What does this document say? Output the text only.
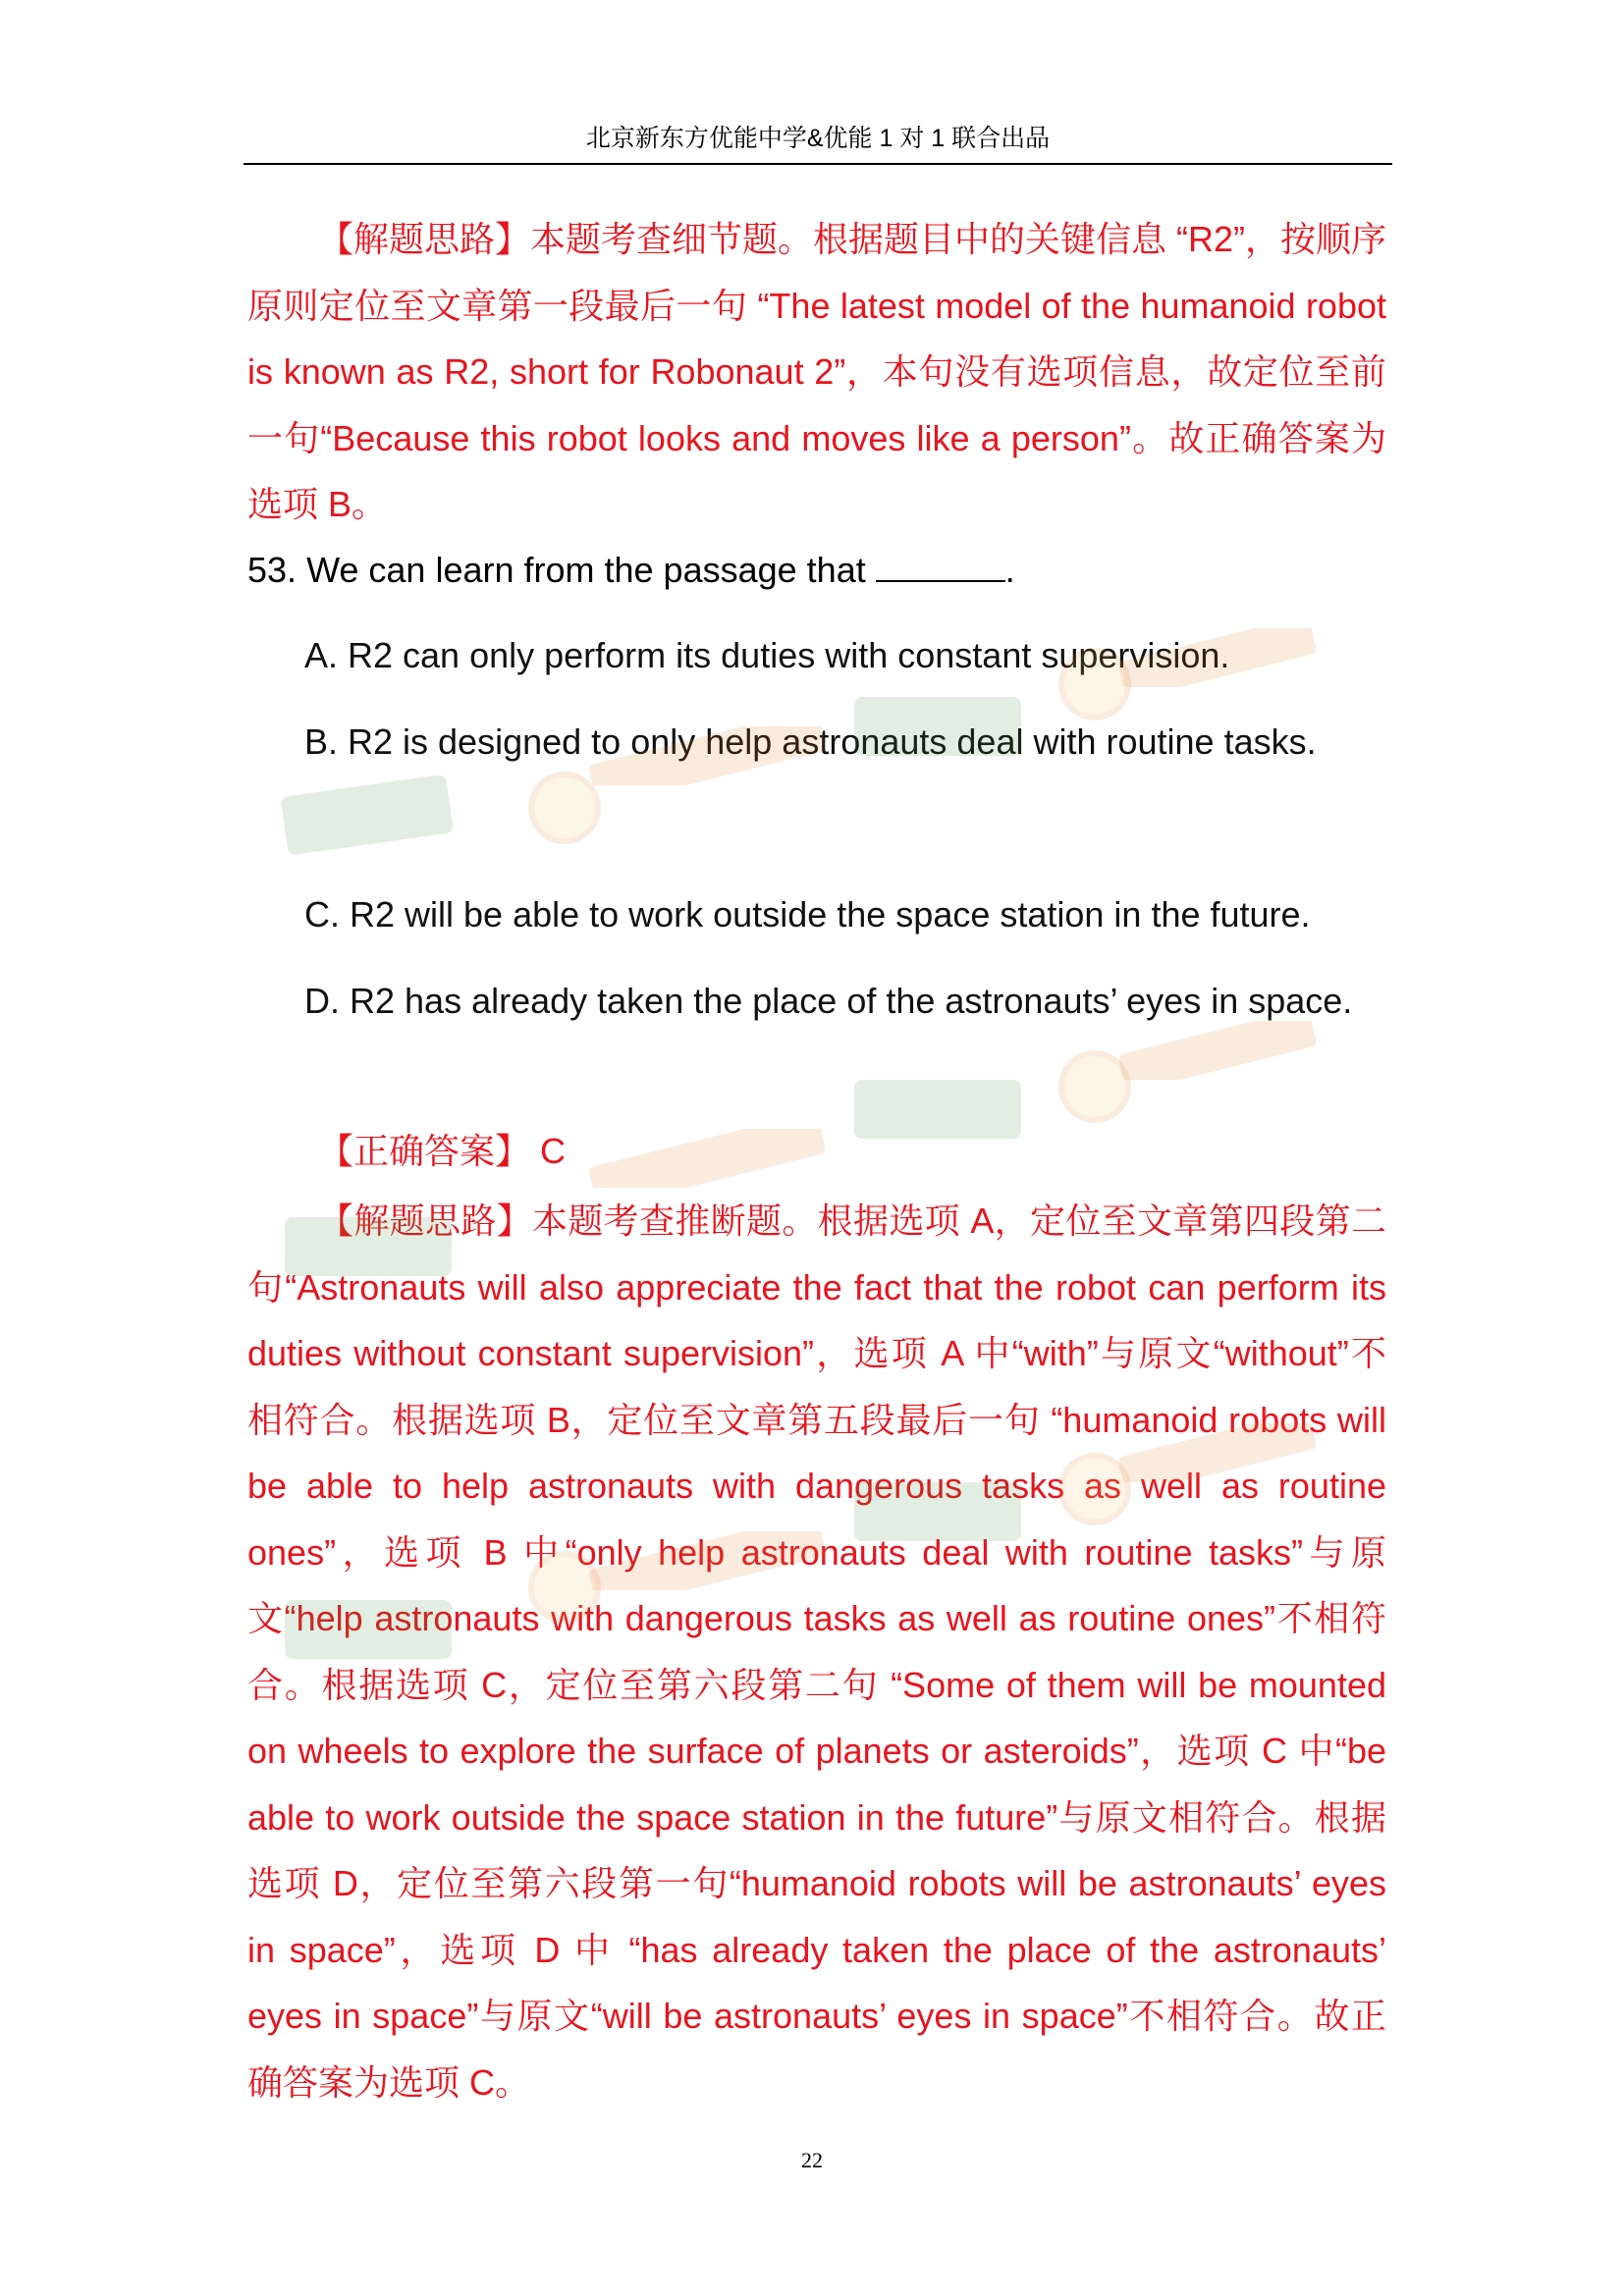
北京新东方优能中学&优能 1 对 1 联合出品

【解题思路】本题考查细节题。根据题目中的关键信息 “R2”，按顺序原则定位至文章第一段最后一句 “The latest model of the humanoid robot is known as R2, short for Robonaut 2”，本句没有选项信息，故定位至前一句“Because this robot looks and moves like a person”。故正确答案为选项 B。

53. We can learn from the passage that	.
A. R2 can only perform its duties with constant supervision.
B. R2 is designed to only help astronauts deal with routine tasks.
C. R2 will be able to work outside the space station in the future.
D. R2 has already taken the place of the astronauts’ eyes in space.
【正确答案】 C

【解题思路】本题考查推断题。根据选项 A，定位至文章第四段第二句“Astronauts will also appreciate the fact that the robot can perform its duties without constant supervision”，选项 A 中“with”与原文“without”不相符合。根据选项 B，定位至文章第五段最后一句 “humanoid robots will be able to help astronauts with dangerous tasks as well as routine ones”，选项 B 中“only help astronauts deal with routine tasks”与原文“help astronauts with dangerous tasks as well as routine ones”不相符合。根据选项 C，定位至第六段第二句 “Some of them will be mounted on wheels to explore the surface of planets or asteroids”，选项 C 中“be able to work outside the space station in the future”与原文相符合。根据选项 D，定位至第六段第一句“humanoid robots will be astronauts’ eyes in space”，选项 D 中 “has already taken the place of the astronauts’ eyes in space”与原文“will be astronauts’ eyes in space”不相符合。故正确答案为选项 C。

22
